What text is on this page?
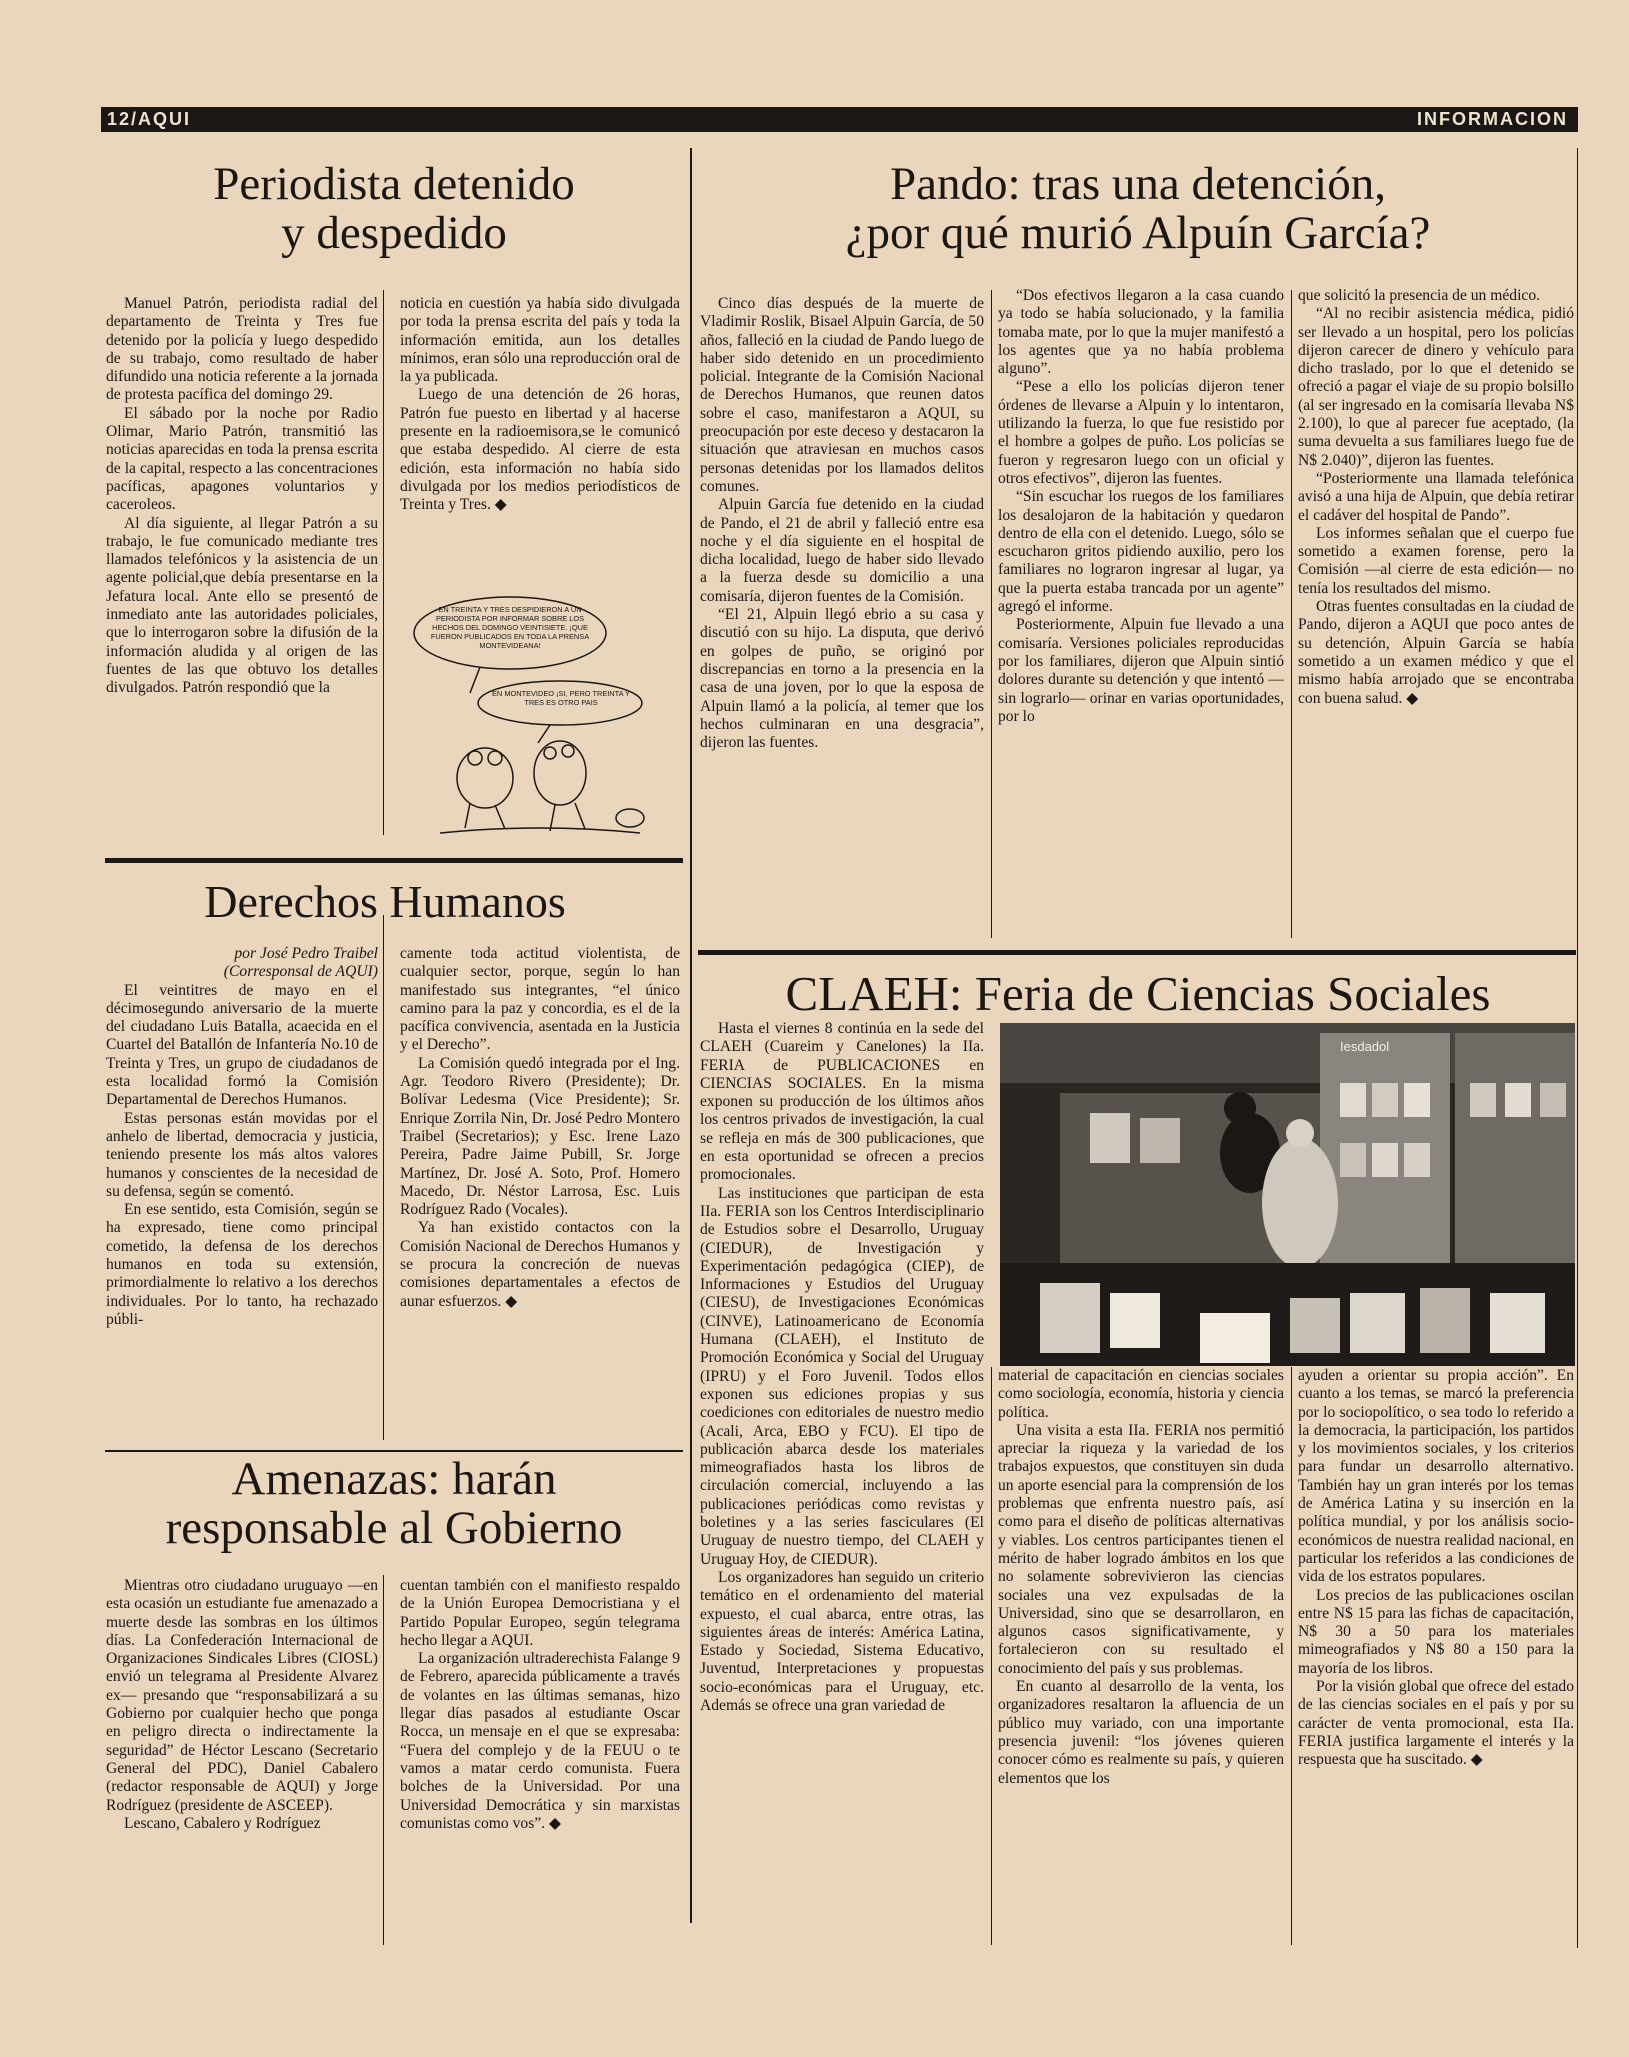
12/AQUI	INFORMACION
Periodista detenido
y despedido

Manuel Patrón, periodista radial del departamento de Treinta y Tres fue detenido por la policía y luego despedido de su trabajo, como resultado de haber difundido una noticia referente a la jornada de protesta pacífica del domingo 29.

El sábado por la noche por Radio Olimar, Mario Patrón, transmitió las noticias aparecidas en toda la prensa escrita de la capital, respecto a las concentraciones pacíficas, apagones voluntarios y caceroleos.

Al día siguiente, al llegar Patrón a su trabajo, le fue comunicado mediante tres llamados telefónicos y la asistencia de un agente policial,que debía presentarse en la Jefatura local. Ante ello se presentó de inmediato ante las autoridades policiales, que lo interrogaron sobre la difusión de la información aludida y al origen de las fuentes de las que obtuvo los detalles divulgados. Patrón respondió que la

noticia en cuestión ya había sido divulgada por toda la prensa escrita del país y toda la información emitida, aun los detalles mínimos, eran sólo una reproducción oral de la ya publicada.

Luego de una detención de 26 horas, Patrón fue puesto en libertad y al hacerse presente en la radioemisora,se le comunicó que estaba despedido. Al cierre de esta edición, esta información no había sido divulgada por los medios periodísticos de Treinta y Tres. ◆

EN TREINTA Y TRES DESPIDIERON A UN PERIODISTA POR INFORMAR SOBRE LOS HECHOS DEL DOMINGO VEINTISIETE. ¡QUE FUERON PUBLICADOS EN TODA LA PRENSA MONTEVIDEANA!
EN MONTEVIDEO ¡SI, PERO TREINTA Y TRES ES OTRO PAIS
Pando: tras una detención,
¿por qué murió Alpuín García?

Cinco días después de la muerte de Vladimir Roslik, Bisael Alpuin García, de 50 años, falleció en la ciudad de Pando luego de haber sido detenido en un procedimiento policial. Integrante de la Comisión Nacional de Derechos Humanos, que reunen datos sobre el caso, manifestaron a AQUI, su preocupación por este deceso y destacaron la situación que atraviesan en muchos casos personas detenidas por los llamados delitos comunes.

Alpuin García fue detenido en la ciudad de Pando, el 21 de abril y falleció entre esa noche y el día siguiente en el hospital de dicha localidad, luego de haber sido llevado a la fuerza desde su domicilio a una comisaría, dijeron fuentes de la Comisión.

“El 21, Alpuin llegó ebrio a su casa y discutió con su hijo. La disputa, que derivó en golpes de puño, se originó por discrepancias en torno a la presencia en la casa de una joven, por lo que la esposa de Alpuin llamó a la policía, al temer que los hechos culminaran en una desgracia”, dijeron las fuentes.

“Dos efectivos llegaron a la casa cuando ya todo se había solucionado, y la familia tomaba mate, por lo que la mujer manifestó a los agentes que ya no había problema alguno”.

“Pese a ello los policías dijeron tener órdenes de llevarse a Alpuin y lo intentaron, utilizando la fuerza, lo que fue resistido por el hombre a golpes de puño. Los policías se fueron y regresaron luego con un oficial y otros efectivos”, dijeron las fuentes.

“Sin escuchar los ruegos de los familiares los desalojaron de la habitación y quedaron dentro de ella con el detenido. Luego, sólo se escucharon gritos pidiendo auxilio, pero los familiares no lograron ingresar al lugar, ya que la puerta estaba trancada por un agente” agregó el informe.

Posteriormente, Alpuin fue llevado a una comisaría. Versiones policiales reproducidas por los familiares, dijeron que Alpuin sintió dolores durante su detención y que intentó —sin lograrlo— orinar en varias oportunidades, por lo

que solicitó la presencia de un médico.

“Al no recibir asistencia médica, pidió ser llevado a un hospital, pero los policías dijeron carecer de dinero y vehículo para dicho traslado, por lo que el detenido se ofreció a pagar el viaje de su propio bolsillo (al ser ingresado en la comisaría llevaba N$ 2.100), lo que al parecer fue aceptado, (la suma devuelta a sus familiares luego fue de N$ 2.040)”, dijeron las fuentes.

“Posteriormente una llamada telefónica avisó a una hija de Alpuin, que debía retirar el cadáver del hospital de Pando”.

Los informes señalan que el cuerpo fue sometido a examen forense, pero la Comisión —al cierre de esta edición— no tenía los resultados del mismo.

Otras fuentes consultadas en la ciudad de Pando, dijeron a AQUI que poco antes de su detención, Alpuin García se había sometido a un examen médico y que el mismo había arrojado que se encontraba con buena salud. ◆

Derechos Humanos

por José Pedro Traibel

(Corresponsal de AQUI)

El veintitres de mayo en el décimosegundo aniversario de la muerte del ciudadano Luis Batalla, acaecida en el Cuartel del Batallón de Infantería No.10 de Treinta y Tres, un grupo de ciudadanos de esta localidad formó la Comisión Departamental de Derechos Humanos.

Estas personas están movidas por el anhelo de libertad, democracia y justicia, teniendo presente los más altos valores humanos y conscientes de la necesidad de su defensa, según se comentó.

En ese sentido, esta Comisión, según se ha expresado, tiene como principal cometido, la defensa de los derechos humanos en toda su extensión, primordialmente lo relativo a los derechos individuales. Por lo tanto, ha rechazado públi-

camente toda actitud violentista, de cualquier sector, porque, según lo han manifestado sus integrantes, “el único camino para la paz y concordia, es el de la pacífica convivencia, asentada en la Justicia y el Derecho”.

La Comisión quedó integrada por el Ing. Agr. Teodoro Rivero (Presidente); Dr. Bolívar Ledesma (Vice Presidente); Sr. Enrique Zorrila Nin, Dr. José Pedro Montero Traibel (Secretarios); y Esc. Irene Lazo Pereira, Padre Jaime Pubill, Sr. Jorge Martínez, Dr. José A. Soto, Prof. Homero Macedo, Dr. Néstor Larrosa, Esc. Luis Rodríguez Rado (Vocales).

Ya han existido contactos con la Comisión Nacional de Derechos Humanos y se procura la concreción de nuevas comisiones departamentales a efectos de aunar esfuerzos. ◆

Amenazas: harán
responsable al Gobierno

Mientras otro ciudadano uruguayo —en esta ocasión un estudiante fue amenazado a muerte desde las sombras en los últimos días. La Confederación Internacional de Organizaciones Sindicales Libres (CIOSL) envió un telegrama al Presidente Alvarez ex— presando que “responsabilizará a su Gobierno por cualquier hecho que ponga en peligro directa o indirectamente la seguridad” de Héctor Lescano (Secretario General del PDC), Daniel Cabalero (redactor responsable de AQUI) y Jorge Rodríguez (presidente de ASCEEP).

Lescano, Cabalero y Rodríguez

cuentan también con el manifiesto respaldo de la Unión Europea Democristiana y el Partido Popular Europeo, según telegrama hecho llegar a AQUI.

La organización ultraderechista Falange 9 de Febrero, aparecida públicamente a través de volantes en las últimas semanas, hizo llegar días pasados al estudiante Oscar Rocca, un mensaje en el que se expresaba: “Fuera del complejo y de la FEUU o te vamos a matar cerdo comunista. Fuera bolches de la Universidad. Por una Universidad Democrática y sin marxistas comunistas como vos”. ◆

CLAEH: Feria de Ciencias Sociales

Hasta el viernes 8 continúa en la sede del CLAEH (Cuareim y Canelones) la IIa. FERIA de PUBLICACIONES en CIENCIAS SOCIALES. En la misma exponen su producción de los últimos años los centros privados de investigación, la cual se refleja en más de 300 publicaciones, que en esta oportunidad se ofrecen a precios promocionales.

Las instituciones que participan de esta IIa. FERIA son los Centros Interdisciplinario de Estudios sobre el Desarrollo, Uruguay (CIEDUR), de Investigación y Experimentación pedagógica (CIEP), de Informaciones y Estudios del Uruguay (CIESU), de Investigaciones Económicas (CINVE), Latinoamericano de Economía Humana (CLAEH), el Instituto de Promoción Económica y Social del Uruguay (IPRU) y el Foro Juvenil. Todos ellos exponen sus ediciones propias y sus coediciones con editoriales de nuestro medio (Acali, Arca, EBO y FCU). El tipo de publicación abarca desde los materiales mimeografiados hasta los libros de circulación comercial, incluyendo a las publicaciones periódicas como revistas y boletines y a las series fasciculares (El Uruguay de nuestro tiempo, del CLAEH y Uruguay Hoy, de CIEDUR).

Los organizadores han seguido un criterio temático en el ordenamiento del material expuesto, el cual abarca, entre otras, las siguientes áreas de interés: América Latina, Estado y Sociedad, Sistema Educativo, Juventud, Interpretaciones y propuestas socio-económicas para el Uruguay, etc. Además se ofrece una gran variedad de

Iesdadol

material de capacitación en ciencias sociales como sociología, economía, historia y ciencia política.

Una visita a esta IIa. FERIA nos permitió apreciar la riqueza y la variedad de los trabajos expuestos, que constituyen sin duda un aporte esencial para la comprensión de los problemas que enfrenta nuestro país, así como para el diseño de políticas alternativas y viables. Los centros participantes tienen el mérito de haber logrado ámbitos en los que no solamente sobrevivieron las ciencias sociales una vez expulsadas de la Universidad, sino que se desarrollaron, en algunos casos significativamente, y fortalecieron con su resultado el conocimiento del país y sus problemas.

En cuanto al desarrollo de la venta, los organizadores resaltaron la afluencia de un público muy variado, con una importante presencia juvenil: “los jóvenes quieren conocer cómo es realmente su país, y quieren elementos que los

ayuden a orientar su propia acción”. En cuanto a los temas, se marcó la preferencia por lo sociopolítico, o sea todo lo referido a la democracia, la participación, los partidos y los movimientos sociales, y los criterios para fundar un desarrollo alternativo. También hay un gran interés por los temas de América Latina y su inserción en la política mundial, y por los análisis socio-económicos de nuestra realidad nacional, en particular los referidos a las condiciones de vida de los estratos populares.

Los precios de las publicaciones oscilan entre N$ 15 para las fichas de capacitación, N$ 30 a 50 para los materiales mimeografiados y N$ 80 a 150 para la mayoría de los libros.

Por la visión global que ofrece del estado de las ciencias sociales en el país y por su carácter de venta promocional, esta IIa. FERIA justifica largamente el interés y la respuesta que ha suscitado. ◆
